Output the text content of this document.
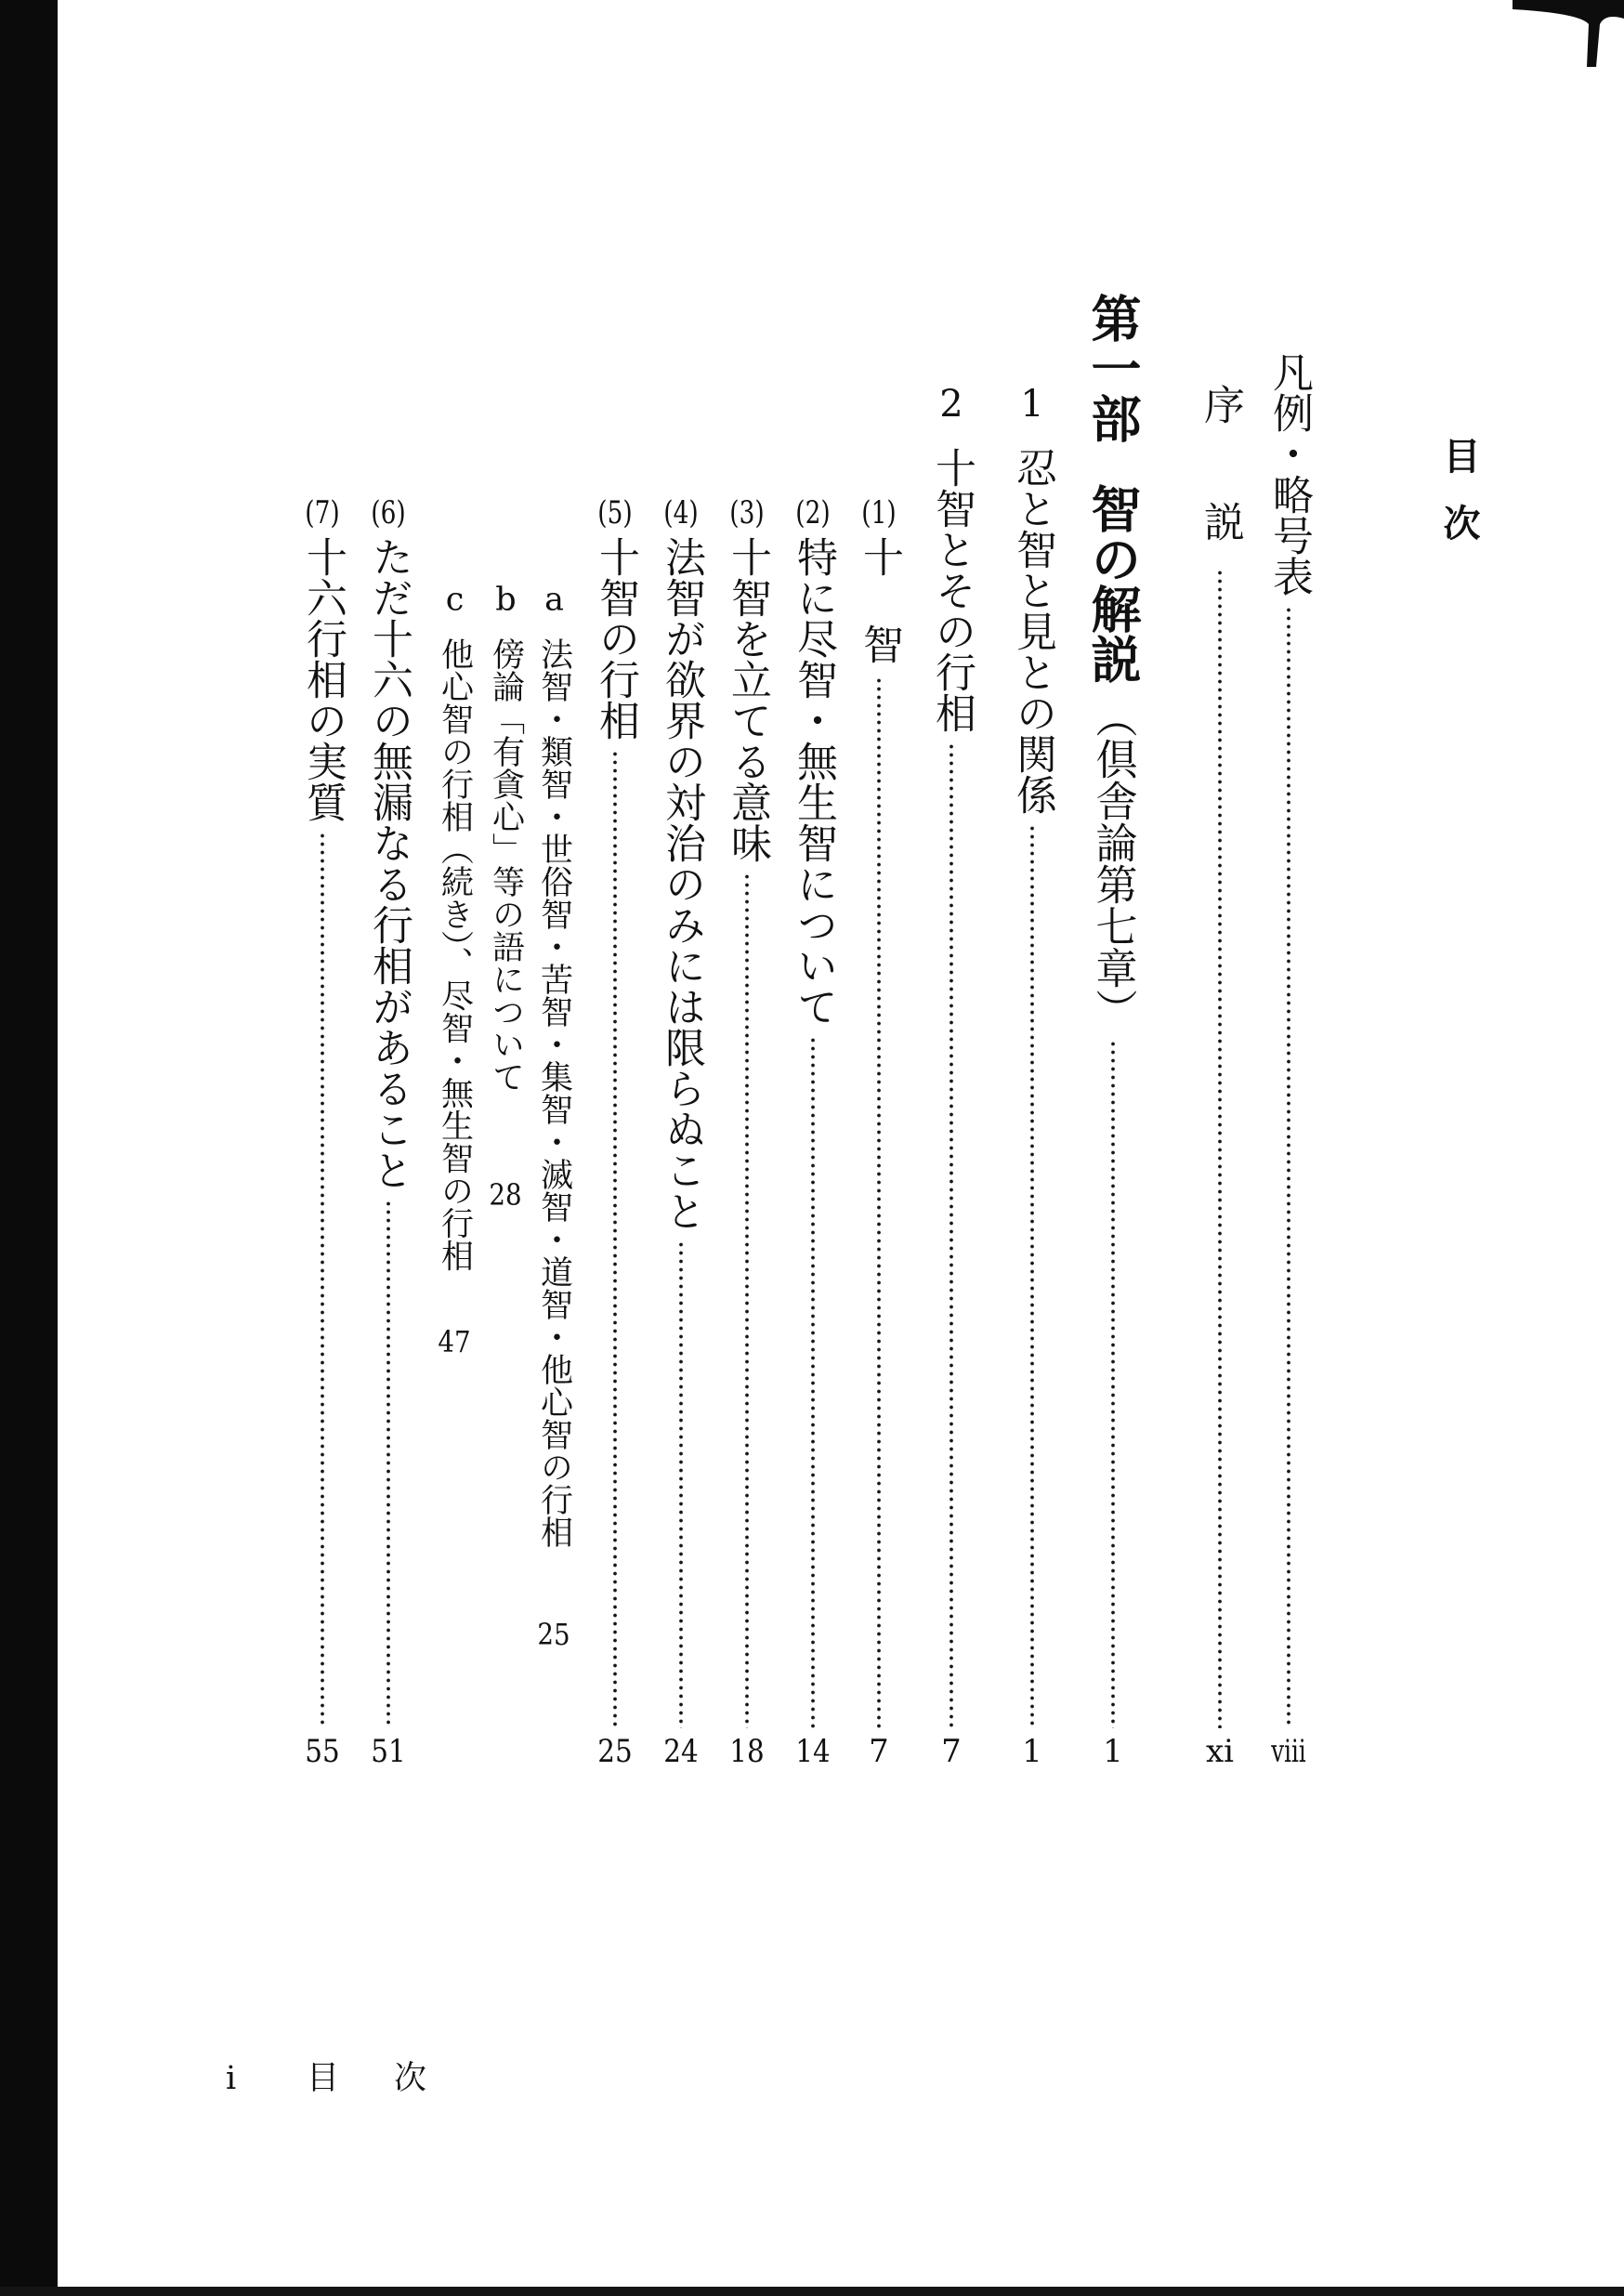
目次
凡例・略号表
viii
序　説
xi
第一部
智の解説
（倶舎論第七章）
1
1
忍と智と見との関係
1
2
十智とその行相
7
(1)
十　智
7
(2)
特に尽智・無生智について
14
(3)
十智を立てる意味
18
(4)
法智が欲界の対治のみには限らぬこと
24
(5)
十智の行相
25
a
法智・類智・世俗智・苦智・集智・滅智・道智・他心智の行相
25
b
傍論「有貪心」等の語について
28
c
他心智の行相（続き）、尽智・無生智の行相
47
(6)
ただ十六の無漏なる行相があること
51
(7)
十六行相の実質
55
i 目　次
